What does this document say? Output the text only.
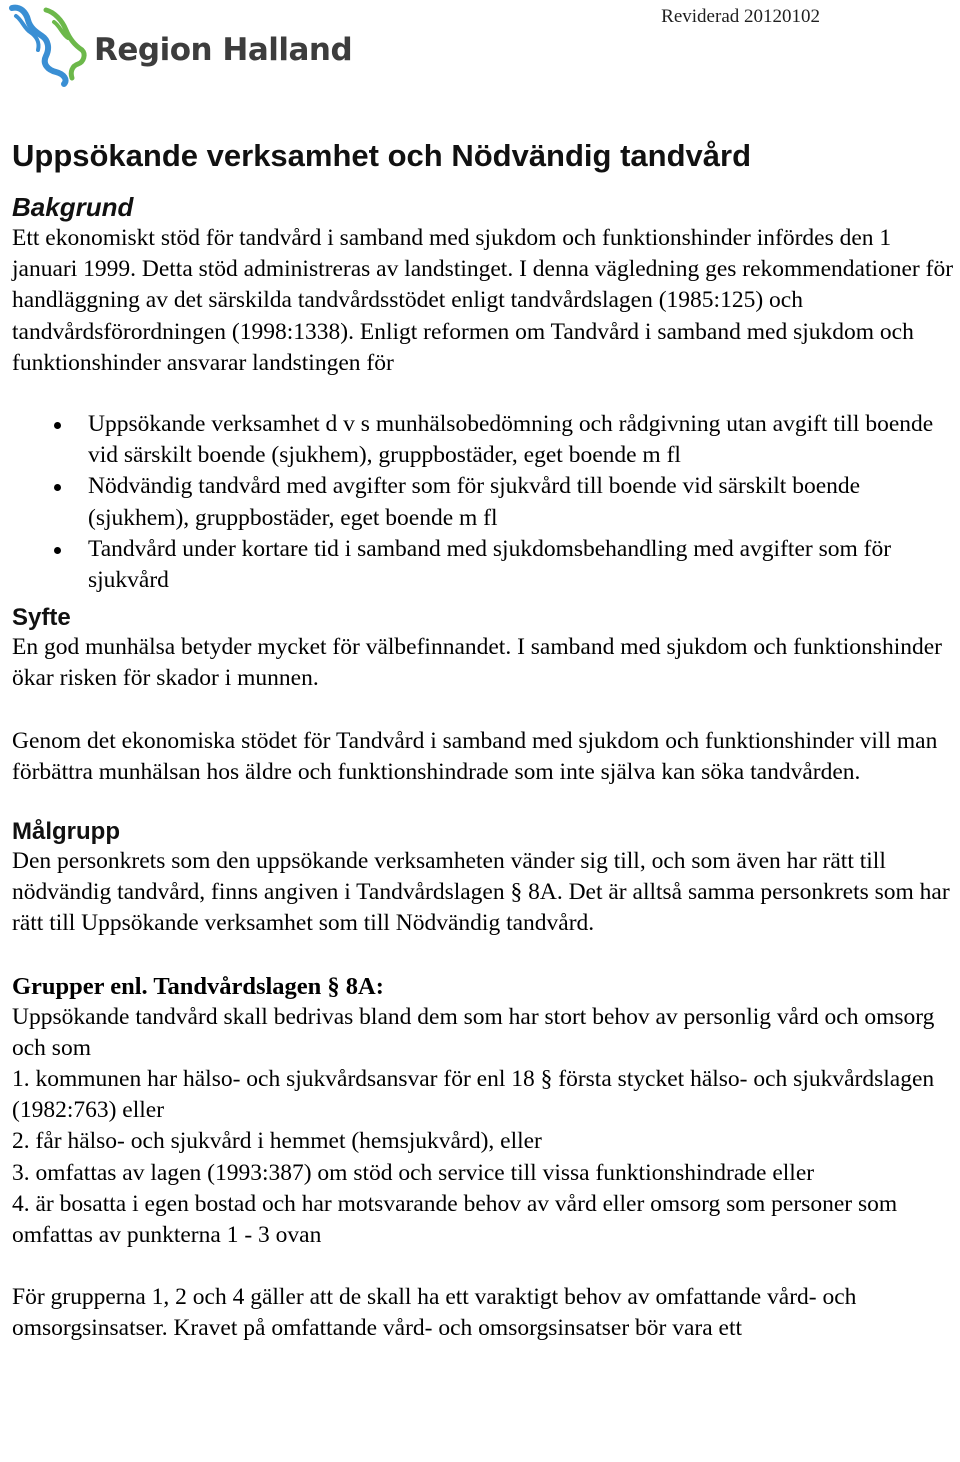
Reviderad 20120102
Region Halland
Uppsökande verksamhet och Nödvändig tandvård
Bakgrund

Ett ekonomiskt stöd för tandvård i samband med sjukdom och funktionshinder infördes den 1 januari 1999. Detta stöd administreras av landstinget. I denna vägledning ges rekommendationer för handläggning av det särskilda tandvårdsstödet enligt tandvårdslagen (1985:125) och tandvårdsförordningen (1998:1338). Enligt reformen om Tandvård i samband med sjukdom och funktionshinder ansvarar landstingen för

Uppsökande verksamhet d v s munhälsobedömning och rådgivning utan avgift till boende vid särskilt boende (sjukhem), gruppbostäder, eget boende m fl
Nödvändig tandvård med avgifter som för sjukvård till boende vid särskilt boende (sjukhem), gruppbostäder, eget boende m fl
Tandvård under kortare tid i samband med sjukdomsbehandling med avgifter som för sjukvård
Syfte

En god munhälsa betyder mycket för välbefinnandet. I samband med sjukdom och funktionshinder ökar risken för skador i munnen.

Genom det ekonomiska stödet för Tandvård i samband med sjukdom och funktionshinder vill man förbättra munhälsan hos äldre och funktionshindrade som inte själva kan söka tandvården.

Målgrupp

Den personkrets som den uppsökande verksamheten vänder sig till, och som även har rätt till nödvändig tandvård, finns angiven i Tandvårdslagen § 8A. Det är alltså samma personkrets som har rätt till Uppsökande verksamhet som till Nödvändig tandvård.

Grupper enl. Tandvårdslagen § 8A:

Uppsökande tandvård skall bedrivas bland dem som har stort behov av personlig vård och omsorg och som

1. kommunen har hälso- och sjukvårdsansvar för enl 18 § första stycket hälso- och sjukvårdslagen (1982:763) eller

2. får hälso- och sjukvård i hemmet (hemsjukvård), eller

3. omfattas av lagen (1993:387) om stöd och service till vissa funktionshindrade eller

4. är bosatta i egen bostad och har motsvarande behov av vård eller omsorg som personer som omfattas av punkterna 1 - 3 ovan

För grupperna 1, 2 och 4 gäller att de skall ha ett varaktigt behov av omfattande vård- och omsorgsinsatser. Kravet på omfattande vård- och omsorgsinsatser bör vara ett
